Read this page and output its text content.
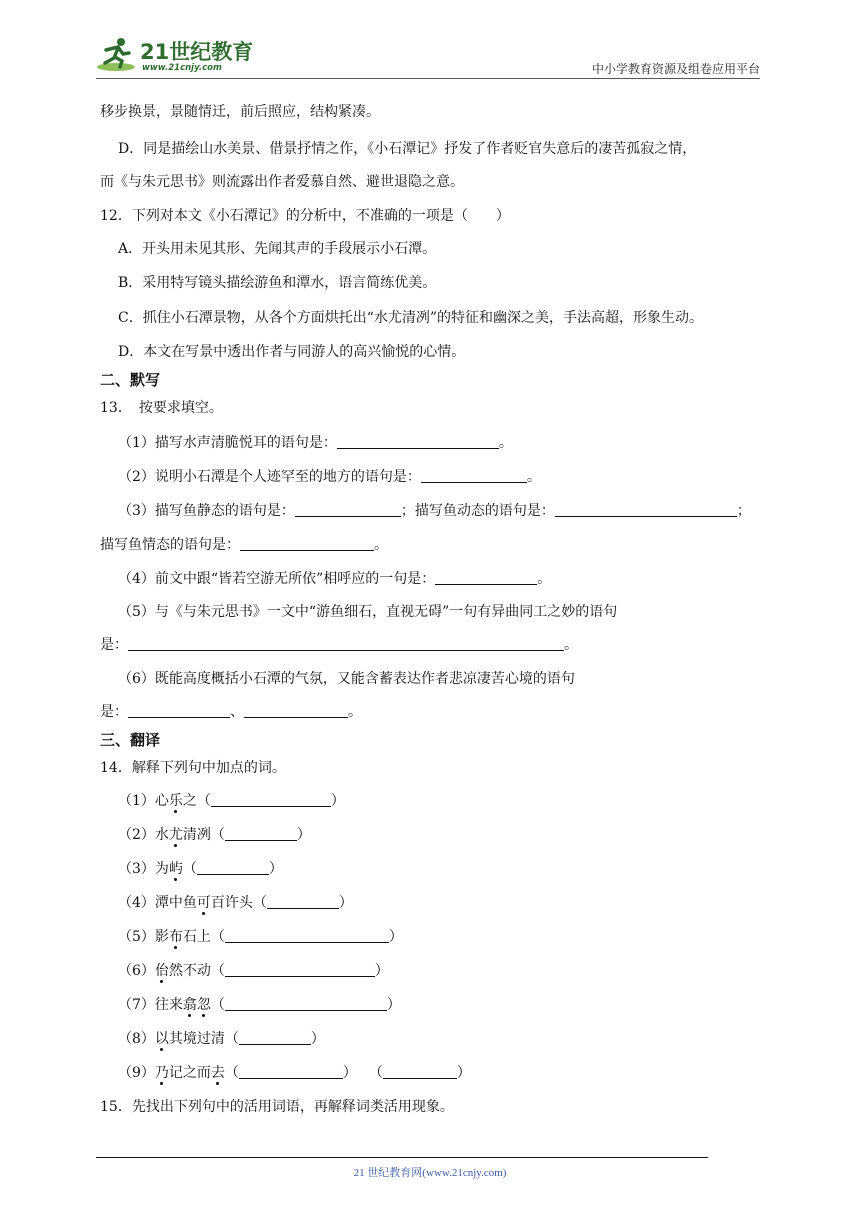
21世纪教育
www.21cnjy.com	中小学教育资源及组卷应用平台
移步换景，景随情迁，前后照应，结构紧凑。
D．同是描绘山水美景、借景抒情之作，《小石潭记》抒发了作者贬官失意后的凄苦孤寂之情，
而《与朱元思书》则流露出作者爱慕自然、避世退隐之意。
12．下列对本文《小石潭记》的分析中，不准确的一项是（　　）
A．开头用未见其形、先闻其声的手段展示小石潭。
B．采用特写镜头描绘游鱼和潭水，语言简练优美。
C．抓住小石潭景物，从各个方面烘托出“水尤清冽”的特征和幽深之美，手法高超，形象生动。
D．本文在写景中透出作者与同游人的高兴愉悦的心情。
二、默写
13．　按要求填空。
（1）描写水声清脆悦耳的语句是：	。
（2）说明小石潭是个人迹罕至的地方的语句是：	。
（3）描写鱼静态的语句是：	；描写鱼动态的语句是：	；
描写鱼情态的语句是：	。
（4）前文中跟“皆若空游无所依”相呼应的一句是：	。
（5）与《与朱元思书》一文中“游鱼细石，直视无碍”一句有异曲同工之妙的语句
是：	。
（6）既能高度概括小石潭的气氛，又能含蓄表达作者悲凉凄苦心境的语句
是：	、	。
三、翻译
14．解释下列句中加点的词。
（1）心乐之（	）
（2）水尤清冽（	）
（3）为屿（	）
（4）潭中鱼可百许头（	）
（5）影布石上（	）
（6）佁然不动（	）
（7）往来翕忽（	）
（8）以其境过清（	）
（9）乃记之而去（	） （	）
15．先找出下列句中的活用词语，再解释词类活用现象。
21 世纪教育网(www.21cnjy.com)
